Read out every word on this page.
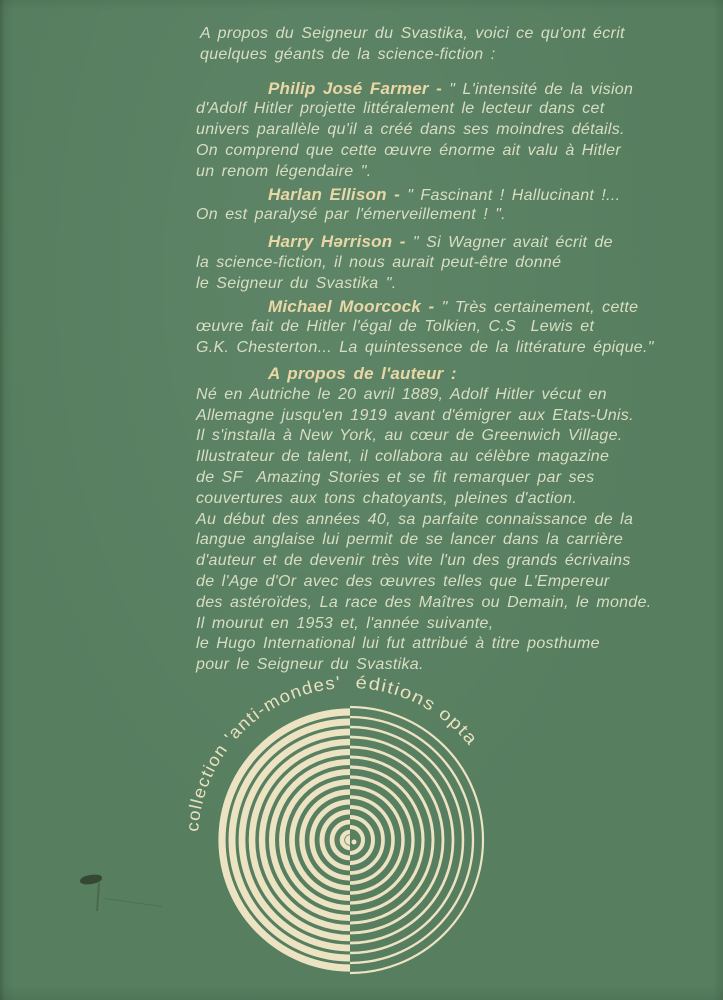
A propos du Seigneur du Svastika, voici ce qu'ont écrit
quelques géants de la science-fiction :
Philip José Farmer - " L'intensité de la vision
d'Adolf Hitler projette littéralement le lecteur dans cet
univers parallèle qu'il a créé dans ses moindres détails.
On comprend que cette œuvre énorme ait valu à Hitler
un renom légendaire ".
Harlan Ellison - " Fascinant ! Hallucinant !...
On est paralysé par l'émerveillement ! ".
Harry Hərrison - " Si Wagner avait écrit de
la science-fiction, il nous aurait peut-être donné
le Seigneur du Svastika ".
Michael Moorcock - " Très certainement, cette
œuvre fait de Hitler l'égal de Tolkien, C.S  Lewis et
G.K. Chesterton... La quintessence de la littérature épique."
A propos de l'auteur :
Né en Autriche le 20 avril 1889, Adolf Hitler vécut en
Allemagne jusqu'en 1919 avant d'émigrer aux Etats-Unis.
Il s'installa à New York, au cœur de Greenwich Village.
Illustrateur de talent, il collabora au célèbre magazine
de SF  Amazing Stories et se fit remarquer par ses
couvertures aux tons chatoyants, pleines d'action.
Au début des années 40, sa parfaite connaissance de la
langue anglaise lui permit de se lancer dans la carrière
d'auteur et de devenir très vite l'un des grands écrivains
de l'Age d'Or avec des œuvres telles que L'Empereur
des astéroïdes, La race des Maîtres ou Demain, le monde.
Il mourut en 1953 et, l'année suivante,
le Hugo International lui fut attribué à titre posthume
pour le Seigneur du Svastika.
collection 'anti-mondes' éditions opta
